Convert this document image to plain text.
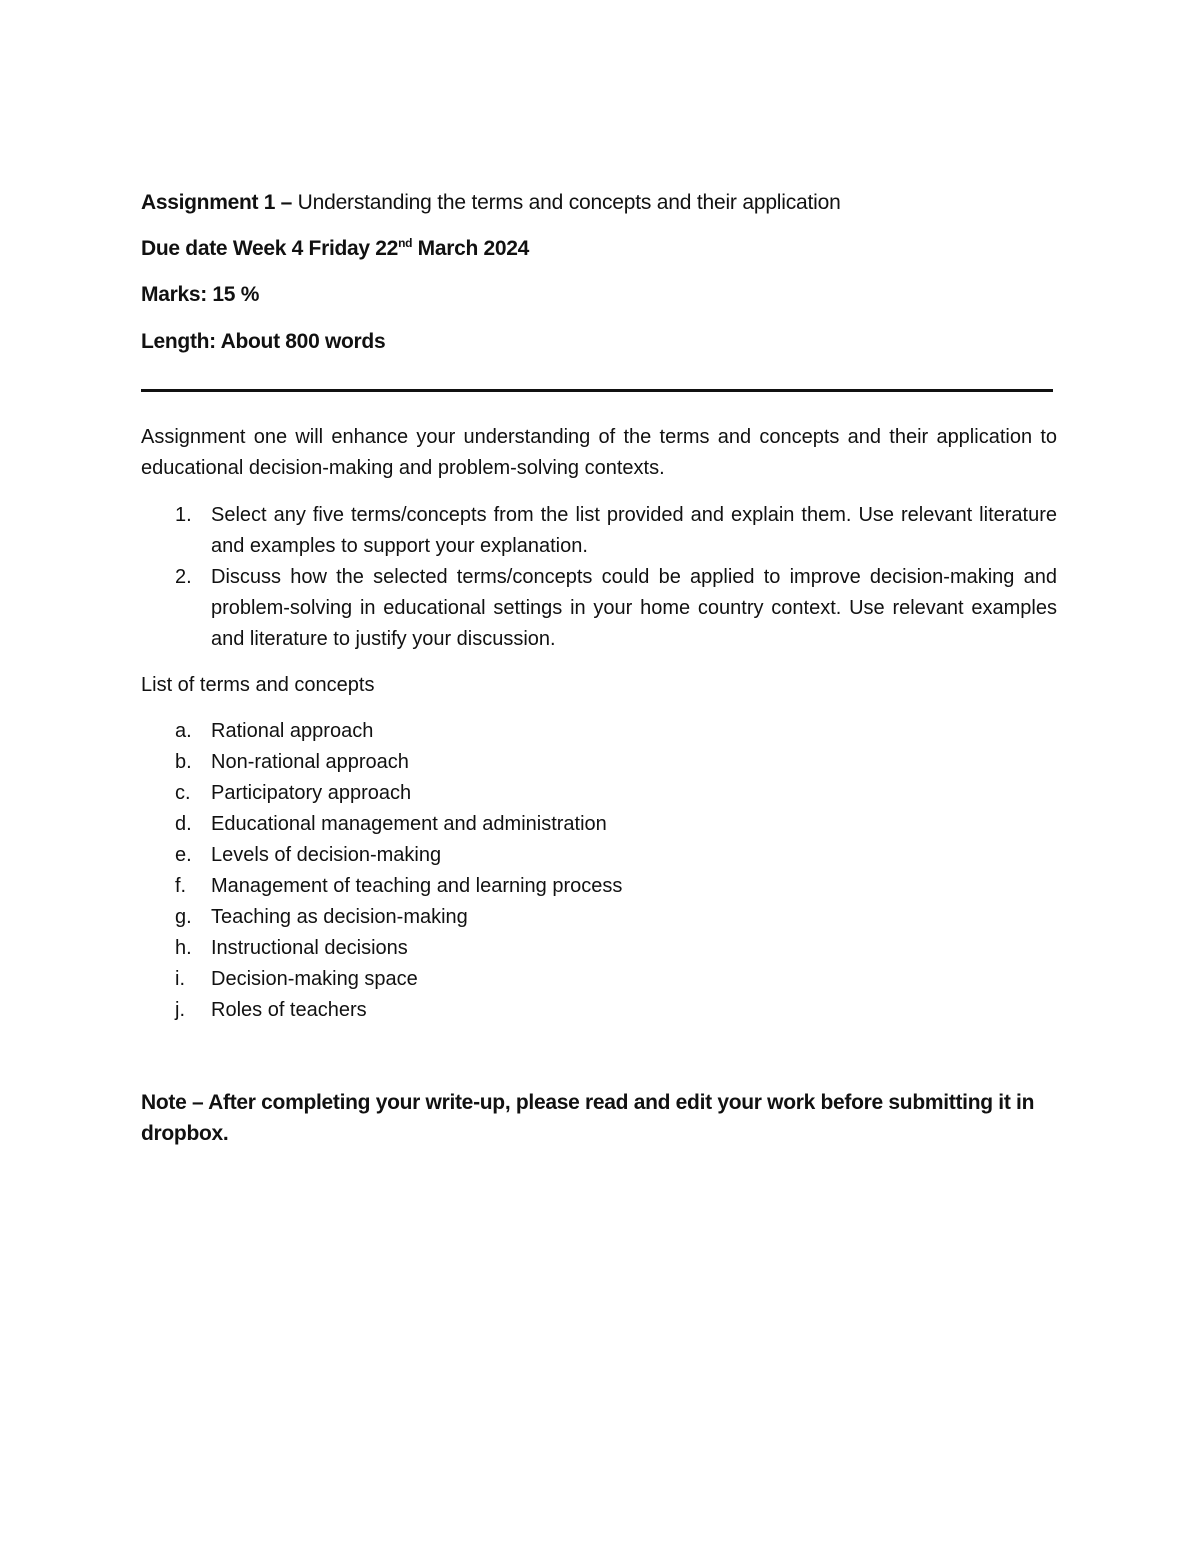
Assignment 1 – Understanding the terms and concepts and their application
Due date Week 4 Friday 22nd March 2024
Marks: 15 %
Length: About 800 words
Assignment one will enhance your understanding of the terms and concepts and their application to educational decision-making and problem-solving contexts.
1. Select any five terms/concepts from the list provided and explain them. Use relevant literature and examples to support your explanation.
2. Discuss how the selected terms/concepts could be applied to improve decision-making and problem-solving in educational settings in your home country context. Use relevant examples and literature to justify your discussion.
List of terms and concepts
a. Rational approach
b. Non-rational approach
c.	Participatory approach
d. Educational management and administration
e. Levels of decision-making
f.	Management of teaching and learning process
g. Teaching as decision-making
h. Instructional decisions
i.	Decision-making space
j.	Roles of teachers
Note – After completing your write-up, please read and edit your work before submitting it in dropbox.
